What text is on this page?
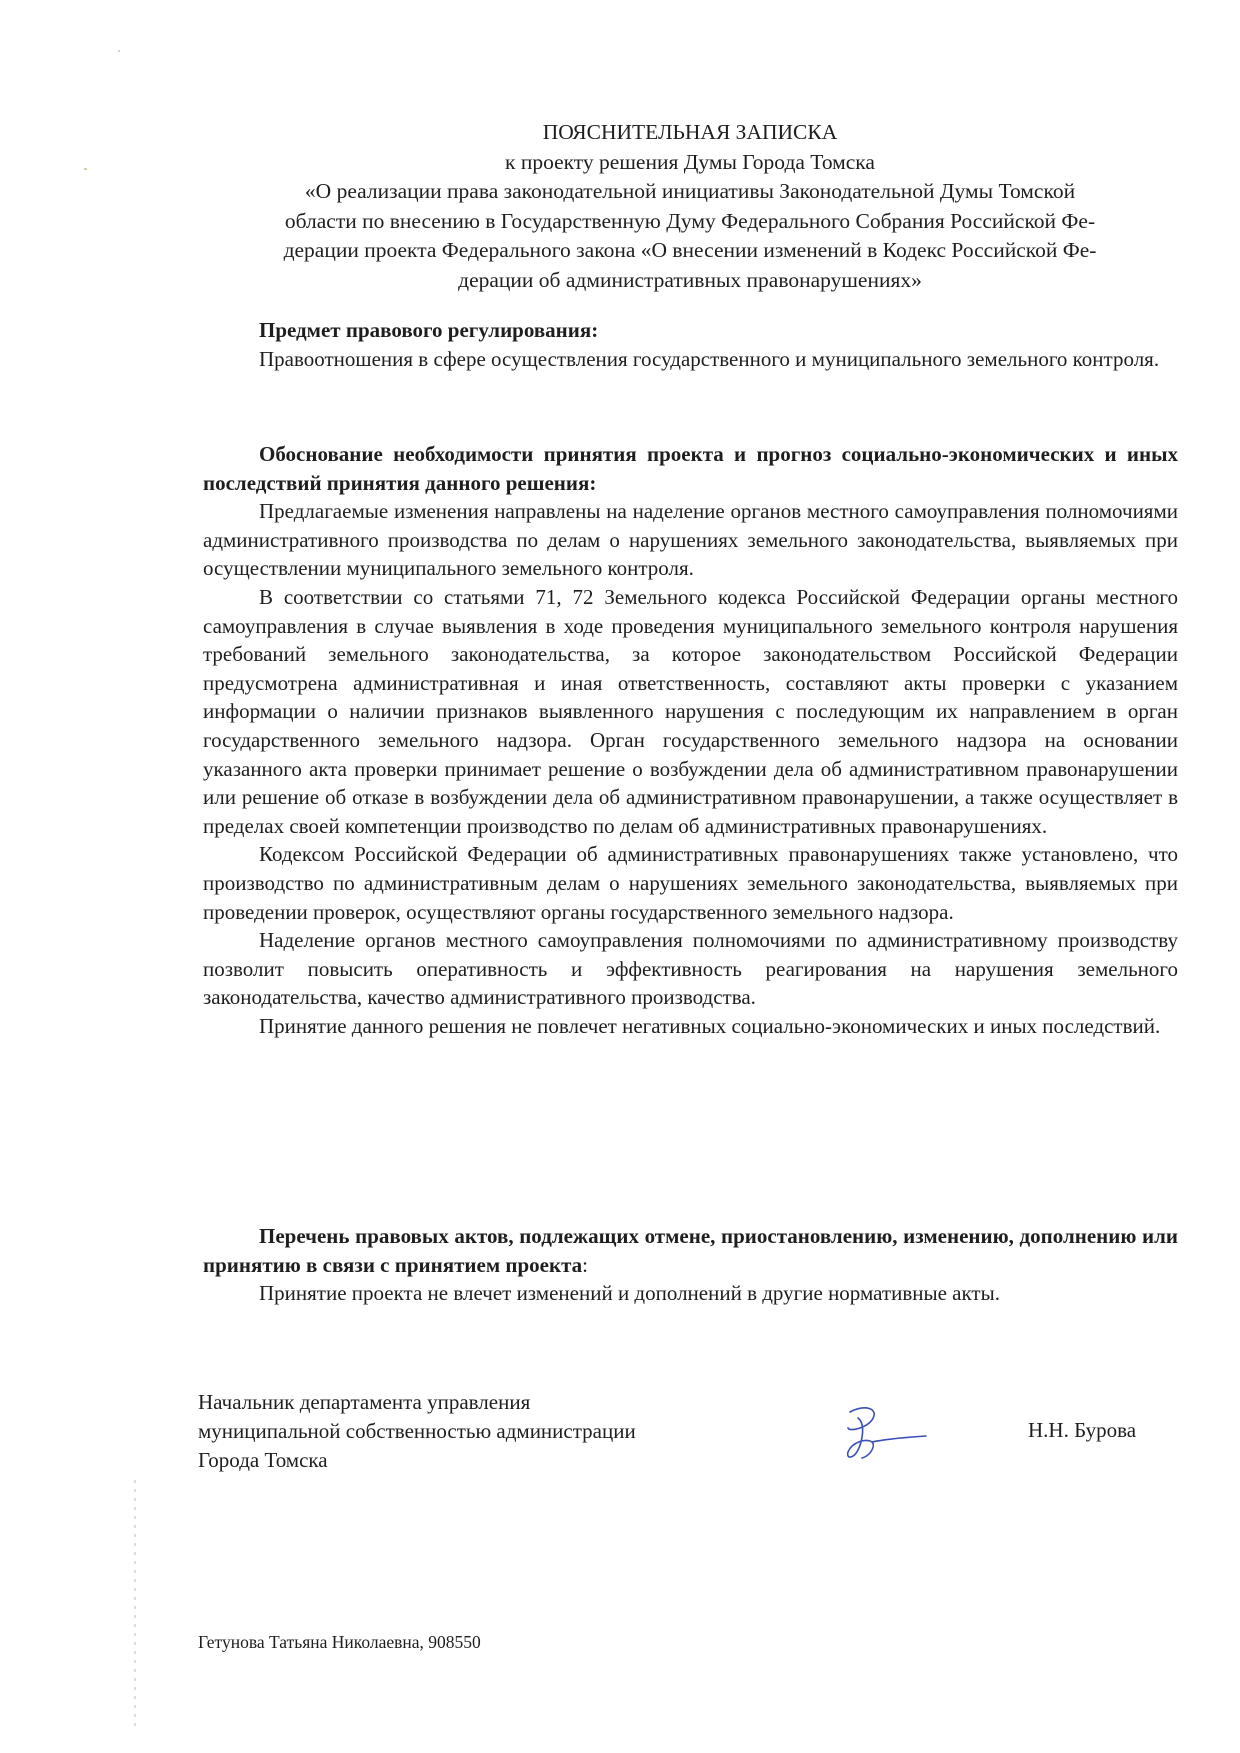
ПОЯСНИТЕЛЬНАЯ ЗАПИСКА
к проекту решения Думы Города Томска
«О реализации права законодательной инициативы Законодательной Думы Томской
области по внесению в Государственную Думу Федерального Собрания Российской Фе-
дерации проекта Федерального закона «О внесении изменений в Кодекс Российской Фе-
дерации об административных правонарушениях»

Предмет правового регулирования:

Правоотношения в сфере осуществления государственного и муниципального земельного контроля.

Обоснование необходимости принятия проекта и прогноз социально-экономических и иных последствий принятия данного решения:

Предлагаемые изменения направлены на наделение органов местного самоуправления полномочиями административного производства по делам о нарушениях земельного законодательства, выявляемых при осуществлении муниципального земельного контроля.

В соответствии со статьями 71, 72 Земельного кодекса Российской Федерации органы местного самоуправления в случае выявления в ходе проведения муниципального земельного контроля нарушения требований земельного законодательства, за которое законодательством Российской Федерации предусмотрена административная и иная ответственность, составляют акты проверки с указанием информации о наличии признаков выявленного нарушения с последующим их направлением в орган государственного земельного надзора. Орган государственного земельного надзора на основании указанного акта проверки принимает решение о возбуждении дела об административном правонарушении или решение об отказе в возбуждении дела об административном правонарушении, а также осуществляет в пределах своей компетенции производство по делам об административных правонарушениях.

Кодексом Российской Федерации об административных правонарушениях также установлено, что производство по административным делам о нарушениях земельного законодательства, выявляемых при проведении проверок, осуществляют органы государственного земельного надзора.

Наделение органов местного самоуправления полномочиями по административному производству позволит повысить оперативность и эффективность реагирования на нарушения земельного законодательства, качество административного производства.

Принятие данного решения не повлечет негативных социально-экономических и иных последствий.

Перечень правовых актов, подлежащих отмене, приостановлению, изменению, дополнению или принятию в связи с принятием проекта:

Принятие проекта не влечет изменений и дополнений в другие нормативные акты.

Начальник департамента управления
муниципальной собственностью администрации
Города Томска
Н.Н. Бурова
Гетунова Татьяна Николаевна, 908550
